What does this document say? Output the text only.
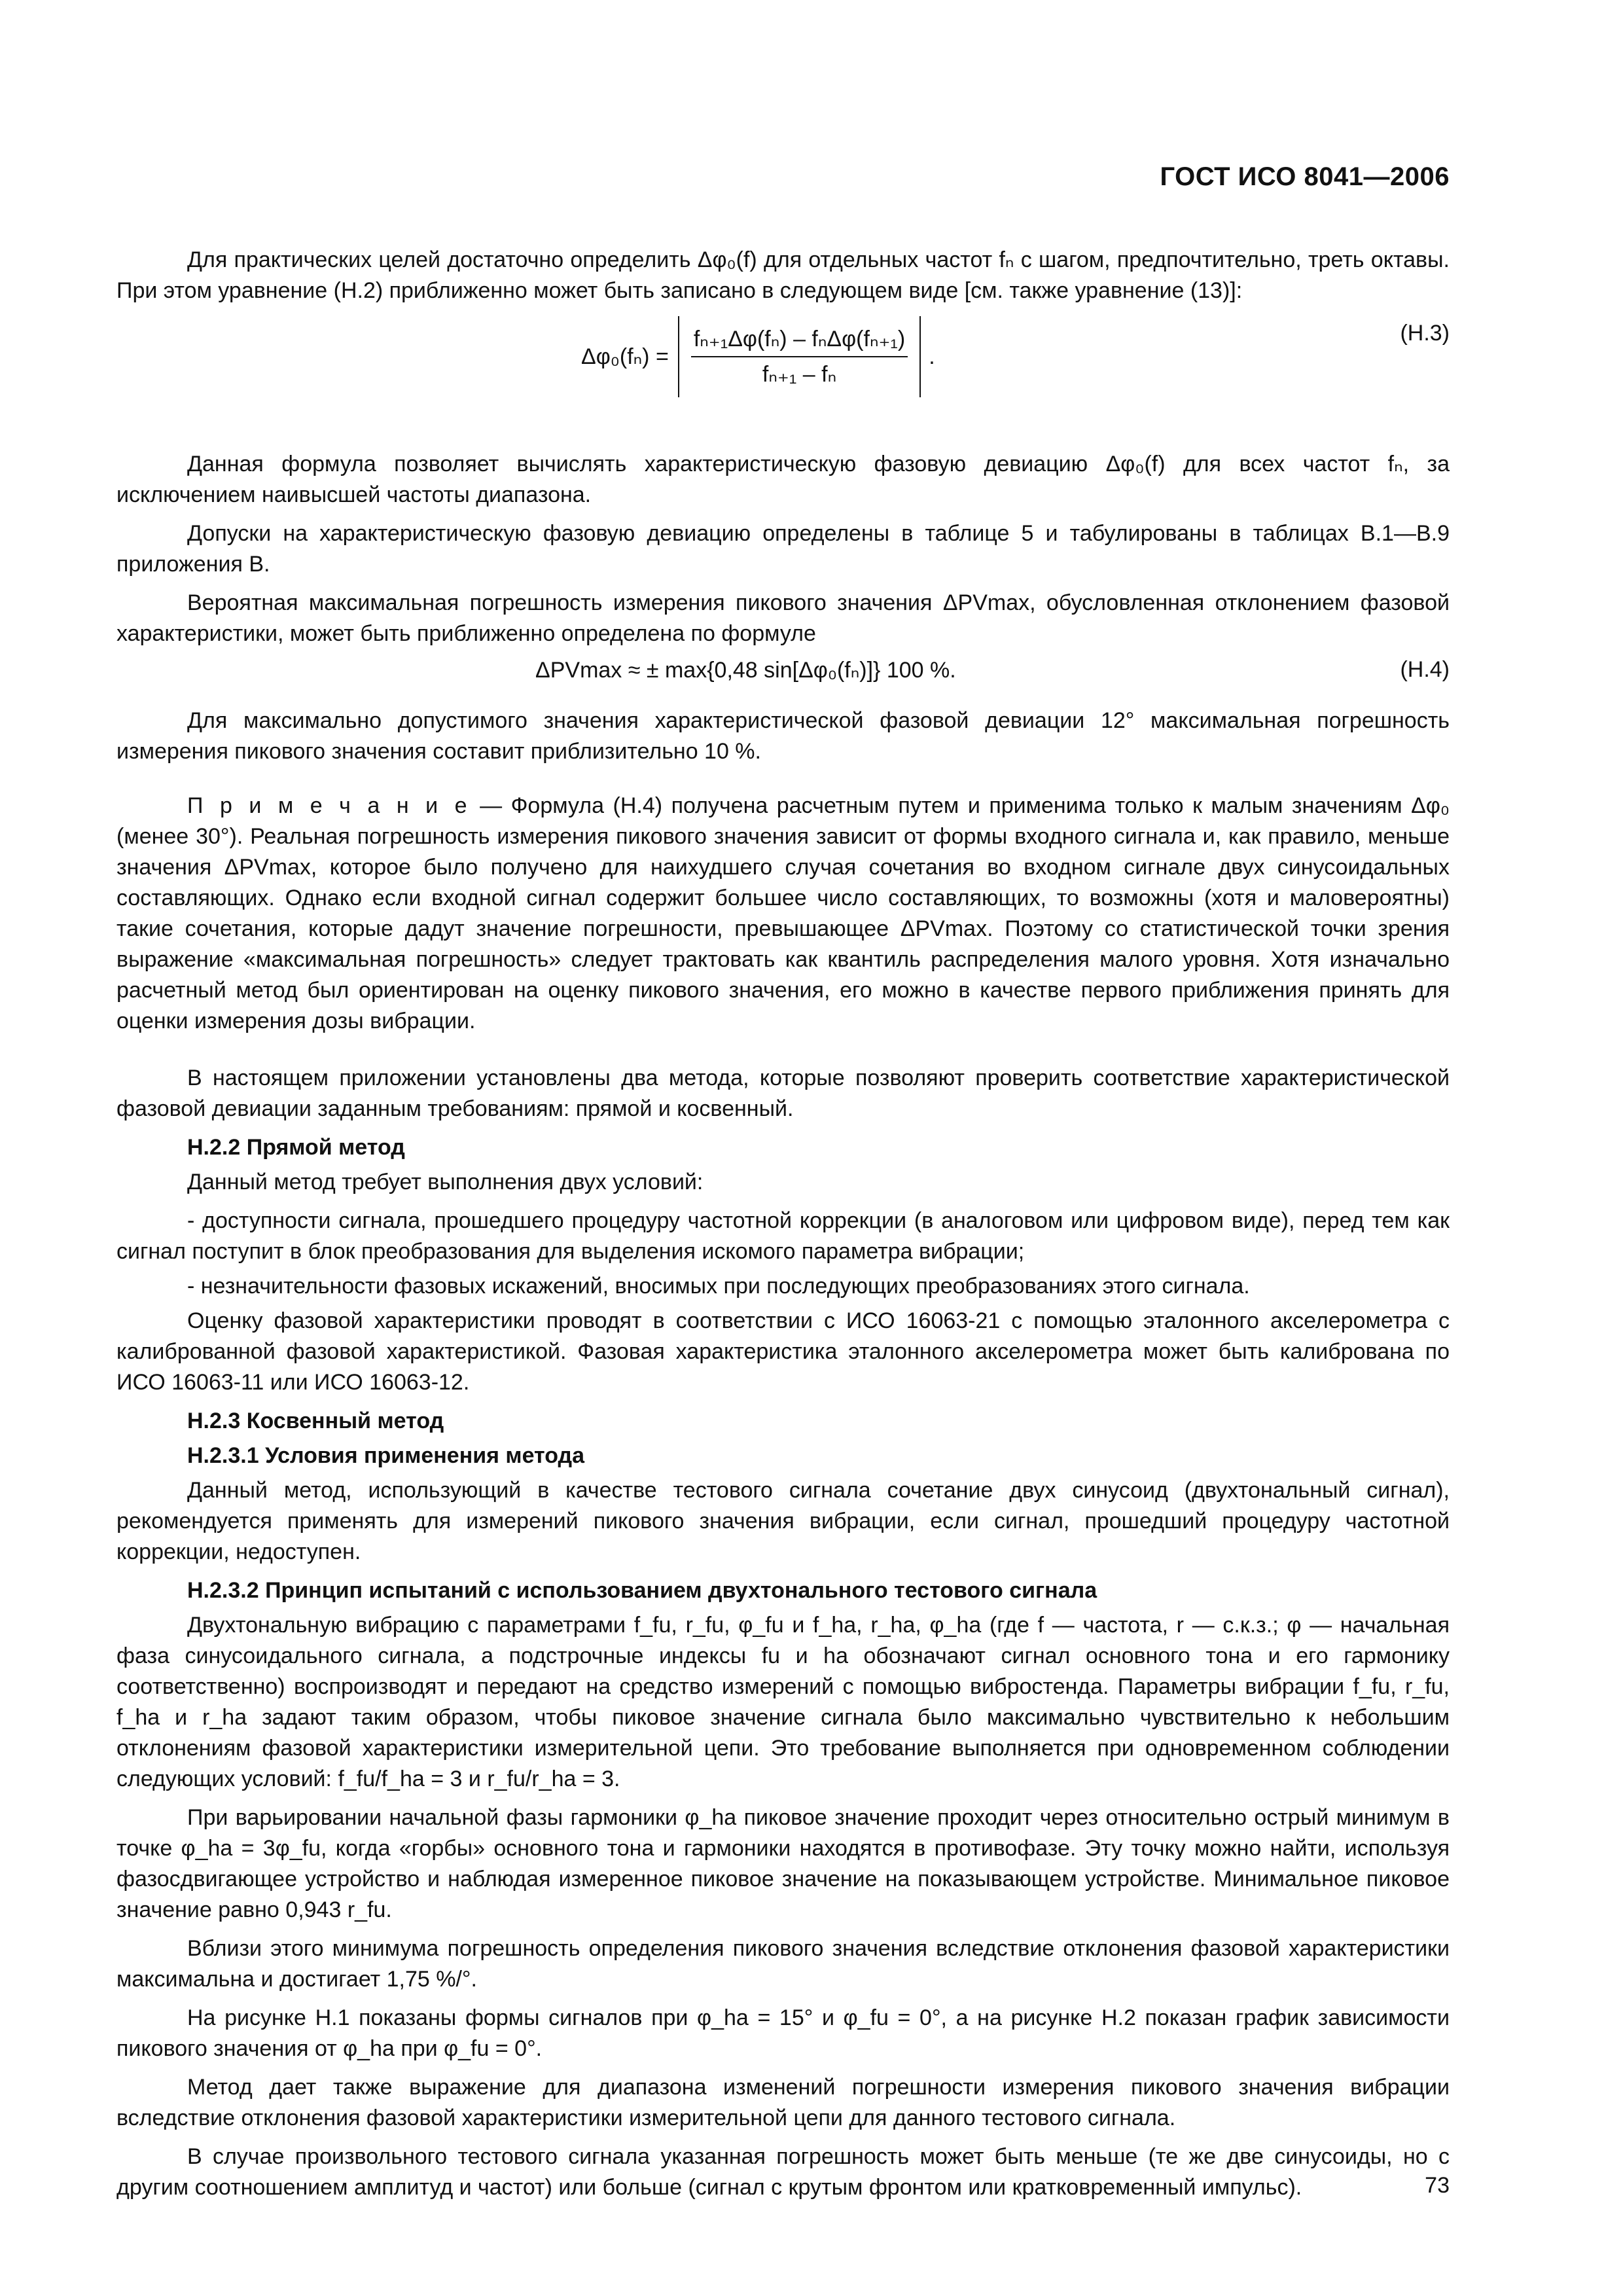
ГОСТ ИСО 8041—2006

Для практических целей достаточно определить Δφ₀(f) для отдельных частот fₙ с шагом, предпочтительно, треть октавы. При этом уравнение (H.2) приближенно может быть записано в следующем виде [см. также уравнение (13)]:

$\Delta\varphi_0(f_n) = \frac{\text{fₙ₊₁Δφ(fₙ) – fₙΔφ(fₙ₊₁)}}{\text{fₙ₊₁ – fₙ}}$ .
(H.3)

Данная формула позволяет вычислять характеристическую фазовую девиацию Δφ₀(f) для всех частот fₙ, за исключением наивысшей частоты диапазона.

Допуски на характеристическую фазовую девиацию определены в таблице 5 и табулированы в таблицах В.1—В.9 приложения В.

Вероятная максимальная погрешность измерения пикового значения ΔPVmax, обусловленная отклонением фазовой характеристики, может быть приближенно определена по формуле

ΔPVmax ≈ ± max{0,48 sin[Δφ₀(fₙ)]} 100 %.	(H.4)

Для максимально допустимого значения характеристической фазовой девиации 12° максимальная погрешность измерения пикового значения составит приблизительно 10 %.

П р и м е ч а н и е — Формула (H.4) получена расчетным путем и применима только к малым значениям Δφ₀ (менее 30°). Реальная погрешность измерения пикового значения зависит от формы входного сигнала и, как правило, меньше значения ΔPVmax, которое было получено для наихудшего случая сочетания во входном сигнале двух синусоидальных составляющих. Однако если входной сигнал содержит большее число составляющих, то возможны (хотя и маловероятны) такие сочетания, которые дадут значение погрешности, превышающее ΔPVmax. Поэтому со статистической точки зрения выражение «максимальная погрешность» следует трактовать как квантиль распределения малого уровня. Хотя изначально расчетный метод был ориентирован на оценку пикового значения, его можно в качестве первого приближения принять для оценки измерения дозы вибрации.

В настоящем приложении установлены два метода, которые позволяют проверить соответствие характеристической фазовой девиации заданным требованиям: прямой и косвенный.

H.2.2 Прямой метод

Данный метод требует выполнения двух условий:

- доступности сигнала, прошедшего процедуру частотной коррекции (в аналоговом или цифровом виде), перед тем как сигнал поступит в блок преобразования для выделения искомого параметра вибрации;

- незначительности фазовых искажений, вносимых при последующих преобразованиях этого сигнала.

Оценку фазовой характеристики проводят в соответствии с ИСО 16063-21 с помощью эталонного акселерометра с калиброванной фазовой характеристикой. Фазовая характеристика эталонного акселерометра может быть калибрована по ИСО 16063-11 или ИСО 16063-12.

H.2.3 Косвенный метод
H.2.3.1 Условия применения метода

Данный метод, использующий в качестве тестового сигнала сочетание двух синусоид (двухтональный сигнал), рекомендуется применять для измерений пикового значения вибрации, если сигнал, прошедший процедуру частотной коррекции, недоступен.

H.2.3.2 Принцип испытаний с использованием двухтонального тестового сигнала

Двухтональную вибрацию с параметрами f_fu, r_fu, φ_fu и f_ha, r_ha, φ_ha (где f — частота, r — с.к.з.; φ — начальная фаза синусоидального сигнала, а подстрочные индексы fu и ha обозначают сигнал основного тона и его гармонику соответственно) воспроизводят и передают на средство измерений с помощью вибростенда. Параметры вибрации f_fu, r_fu, f_ha и r_ha задают таким образом, чтобы пиковое значение сигнала было максимально чувствительно к небольшим отклонениям фазовой характеристики измерительной цепи. Это требование выполняется при одновременном соблюдении следующих условий: f_fu/f_ha = 3 и r_fu/r_ha = 3.

При варьировании начальной фазы гармоники φ_ha пиковое значение проходит через относительно острый минимум в точке φ_ha = 3φ_fu, когда «горбы» основного тона и гармоники находятся в противофазе. Эту точку можно найти, используя фазосдвигающее устройство и наблюдая измеренное пиковое значение на показывающем устройстве. Минимальное пиковое значение равно 0,943 r_fu.

Вблизи этого минимума погрешность определения пикового значения вследствие отклонения фазовой характеристики максимальна и достигает 1,75 %/°.

На рисунке H.1 показаны формы сигналов при φ_ha = 15° и φ_fu = 0°, а на рисунке H.2 показан график зависимости пикового значения от φ_ha при φ_fu = 0°.

Метод дает также выражение для диапазона изменений погрешности измерения пикового значения вибрации вследствие отклонения фазовой характеристики измерительной цепи для данного тестового сигнала.

В случае произвольного тестового сигнала указанная погрешность может быть меньше (те же две синусоиды, но с другим соотношением амплитуд и частот) или больше (сигнал с крутым фронтом или кратковременный импульс).	73
